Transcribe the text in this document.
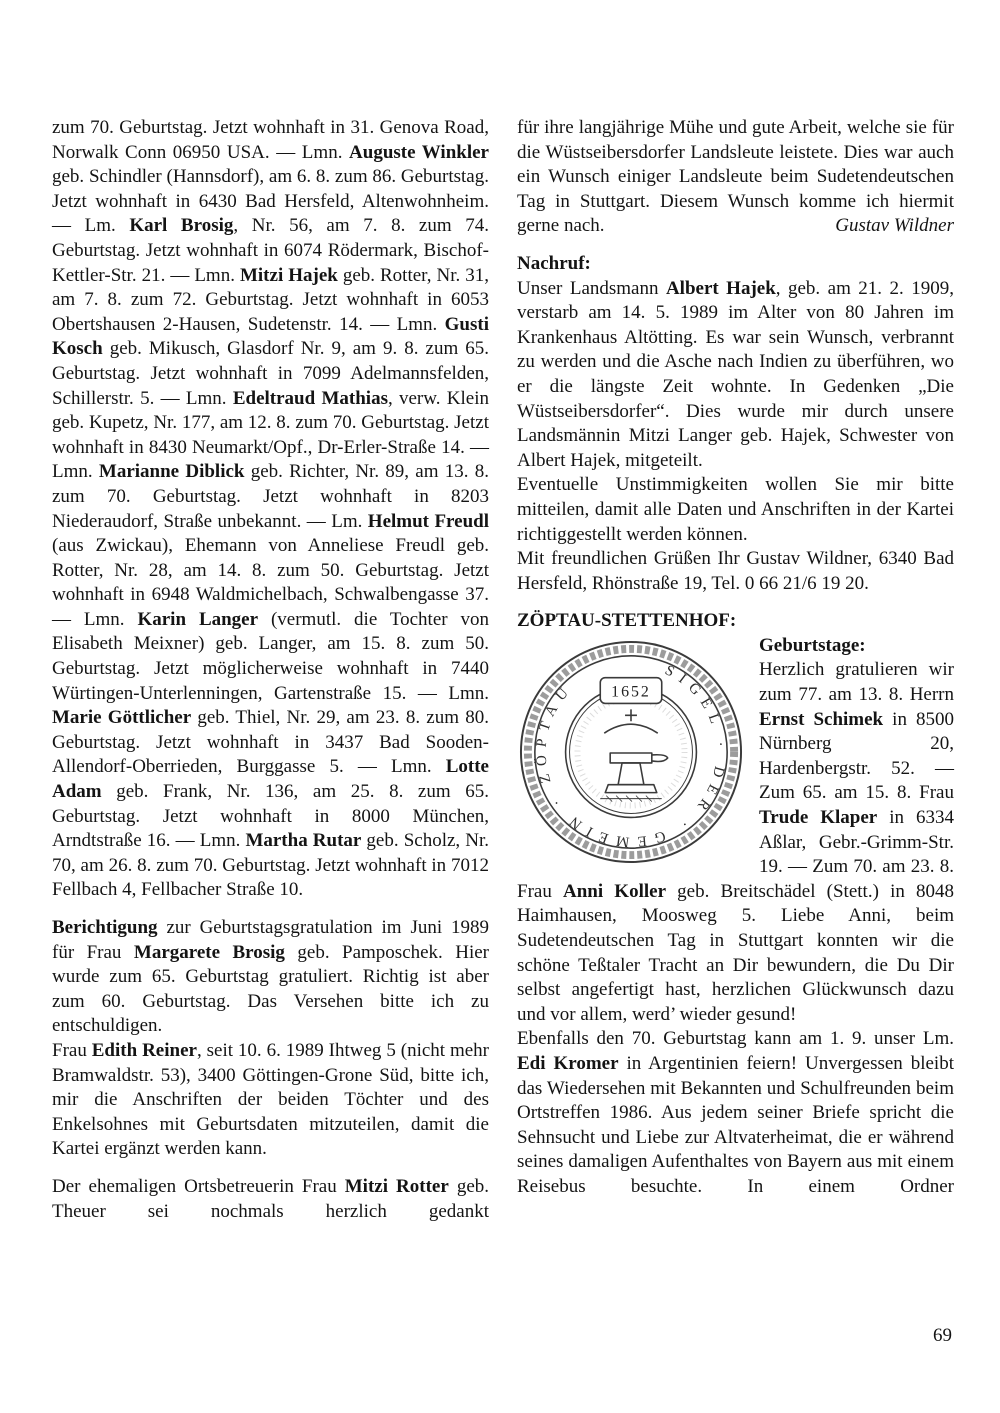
zum 70. Geburtstag. Jetzt wohnhaft in 31. Genova Road, Norwalk Conn 06950 USA. — Lmn. Auguste Winkler geb. Schindler (Hannsdorf), am 6. 8. zum 86. Geburtstag. Jetzt wohnhaft in 6430 Bad Hersfeld, Altenwohnheim. — Lm. Karl Brosig, Nr. 56, am 7. 8. zum 74. Geburtstag. Jetzt wohnhaft in 6074 Rödermark, Bischof-Kettler-Str. 21. — Lmn. Mitzi Hajek geb. Rotter, Nr. 31, am 7. 8. zum 72. Geburtstag. Jetzt wohnhaft in 6053 Obertshausen 2-Hausen, Sudetenstr. 14. — Lmn. Gusti Kosch geb. Mikusch, Glasdorf Nr. 9, am 9. 8. zum 65. Geburtstag. Jetzt wohnhaft in 7099 Adelmannsfelden, Schillerstr. 5. — Lmn. Edeltraud Mathias, verw. Klein geb. Kupetz, Nr. 177, am 12. 8. zum 70. Geburtstag. Jetzt wohnhaft in 8430 Neumarkt/Opf., Dr-Erler-Straße 14. — Lmn. Marianne Diblick geb. Richter, Nr. 89, am 13. 8. zum 70. Geburtstag. Jetzt wohnhaft in 8203 Niederaudorf, Straße unbekannt. — Lm. Helmut Freudl (aus Zwickau), Ehemann von Anneliese Freudl geb. Rotter, Nr. 28, am 14. 8. zum 50. Geburtstag. Jetzt wohnhaft in 6948 Waldmichelbach, Schwalbengasse 37. — Lmn. Karin Langer (vermutl. die Tochter von Elisabeth Meixner) geb. Langer, am 15. 8. zum 50. Geburtstag. Jetzt möglicherweise wohnhaft in 7440 Würtingen-Unterlenningen, Gartenstraße 15. — Lmn. Marie Göttlicher geb. Thiel, Nr. 29, am 23. 8. zum 80. Geburtstag. Jetzt wohnhaft in 3437 Bad Sooden-Allendorf-Oberrieden, Burggasse 5. — Lmn. Lotte Adam geb. Frank, Nr. 136, am 25. 8. zum 65. Geburtstag. Jetzt wohnhaft in 8000 München, Arndtstraße 16. — Lmn. Martha Rutar geb. Scholz, Nr. 70, am 26. 8. zum 70. Geburtstag. Jetzt wohnhaft in 7012 Fellbach 4, Fellbacher Straße 10.

Berichtigung zur Geburtstagsgratulation im Juni 1989 für Frau Margarete Brosig geb. Pamposchek. Hier wurde zum 65. Geburtstag gratuliert. Richtig ist aber zum 60. Geburtstag. Das Versehen bitte ich zu entschuldigen.

Frau Edith Reiner, seit 10. 6. 1989 Ihtweg 5 (nicht mehr Bramwaldstr. 53), 3400 Göttingen-Grone Süd, bitte ich, mir die Anschriften der beiden Töchter und des Enkelsohnes mit Geburtsdaten mitzuteilen, damit die Kartei ergänzt werden kann.

Der ehemaligen Ortsbetreuerin Frau Mitzi Rotter geb. Theuer sei nochmals herzlich gedankt

für ihre langjährige Mühe und gute Arbeit, welche sie für die Wüstseibersdorfer Landsleute leistete. Dies war auch ein Wunsch einiger Landsleute beim Sudetendeutschen Tag in Stuttgart. Diesem Wunsch komme ich hiermit

gerne nach.	Gustav Wildner
Nachruf:

Unser Landsmann Albert Hajek, geb. am 21. 2. 1909, verstarb am 14. 5. 1989 im Alter von 80 Jahren im Krankenhaus Altötting. Es war sein Wunsch, verbrannt zu werden und die Asche nach Indien zu überführen, wo er die längste Zeit wohnte. In Gedenken „Die Wüstseibersdorfer“. Dies wurde mir durch unsere Landsmännin Mitzi Langer geb. Hajek, Schwester von Albert Hajek, mitgeteilt.

Eventuelle Unstimmigkeiten wollen Sie mir bitte mitteilen, damit alle Daten und Anschriften in der Kartei richtiggestellt werden können.

Mit freundlichen Grüßen Ihr Gustav Wildner, 6340 Bad Hersfeld, Rhönstraße 19, Tel. 0 66 21/6 19 20.

ZÖPTAU-STETTENHOF:
SIGEL · DER · GEMEIN · ZÖPTAU	1652

Geburtstage:
Herzlich gratulieren wir zum 77. am 13. 8. Herrn Ernst Schimek in 8500 Nürnberg 20, Hardenbergstr. 52. — Zum 65. am 15. 8. Frau Trude Klaper in 6334 Aßlar, Gebr.-Grimm-Str. 19. — Zum 70. am 23. 8. Frau Anni Koller geb. Breitschädel (Stett.) in 8048 Haimhausen, Moosweg 5. Liebe Anni, beim Sudetendeutschen Tag in Stuttgart konnten wir die schöne Teßtaler Tracht an Dir bewundern, die Du Dir selbst angefertigt hast, herzlichen Glückwunsch dazu und vor allem, werd’ wieder gesund!

Ebenfalls den 70. Geburtstag kann am 1. 9. unser Lm. Edi Kromer in Argentinien feiern! Unvergessen bleibt das Wiedersehen mit Bekannten und Schulfreunden beim Ortstreffen 1986. Aus jedem seiner Briefe spricht die Sehnsucht und Liebe zur Altvaterheimat, die er während seines damaligen Aufenthaltes von Bayern aus mit einem Reisebus besuchte. In einem Ordner

69
